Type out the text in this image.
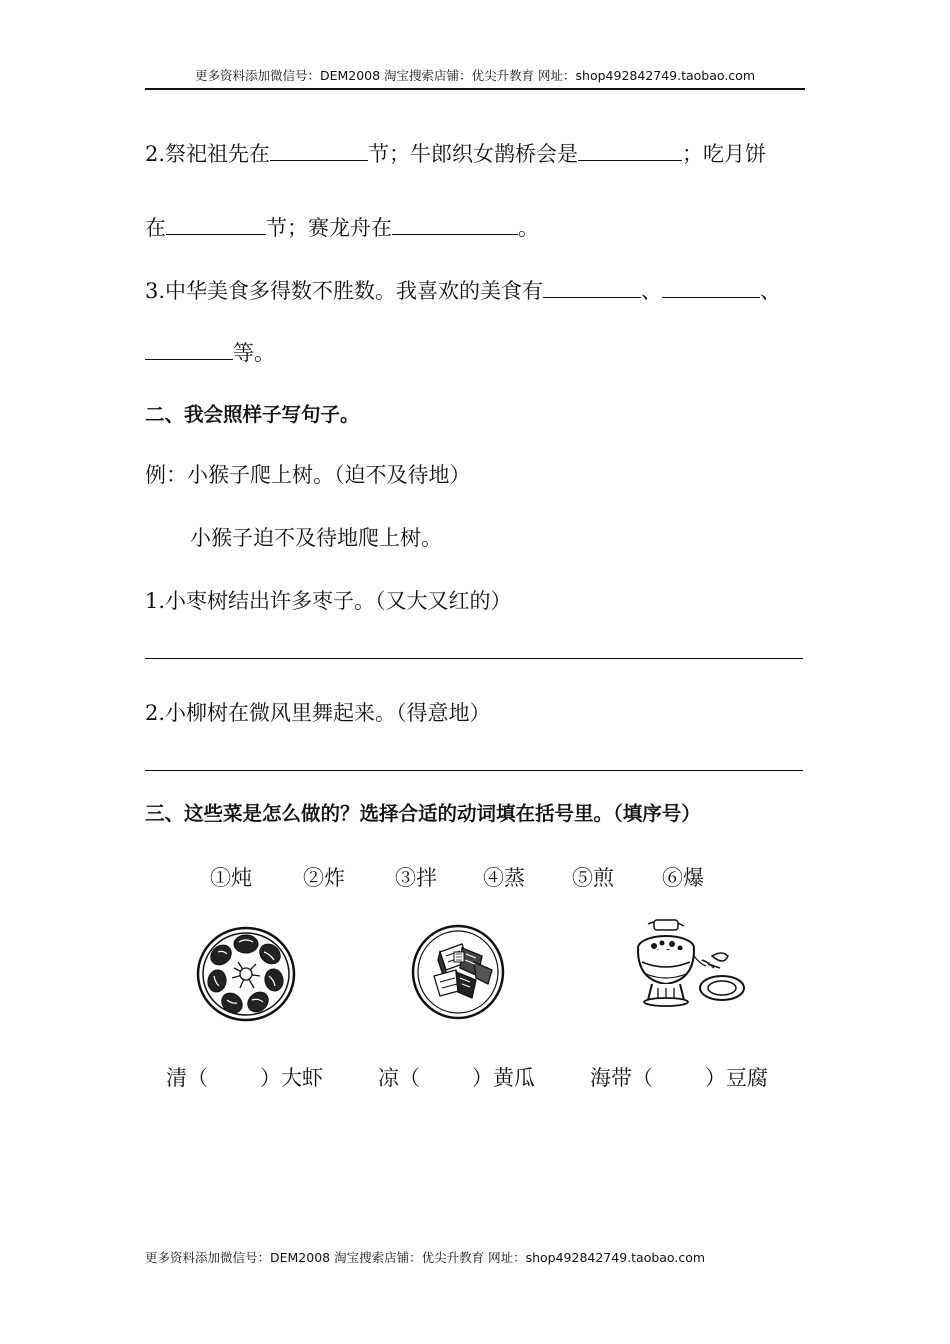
更多资料添加微信号：DEM2008 淘宝搜索店铺：优尖升教育 网址：shop492842749.taobao.com
2.祭祀祖先在	节；牛郎织女鹊桥会是	；吃月饼
在	节；赛龙舟在	。
3.中华美食多得数不胜数。我喜欢的美食有	、	、
等。
二、我会照样子写句子。
例：小猴子爬上树。（迫不及待地）
小猴子迫不及待地爬上树。
1.小枣树结出许多枣子。（又大又红的）
2.小柳树在微风里舞起来。（得意地）
三、这些菜是怎么做的？选择合适的动词填在括号里。（填序号）
①炖 ②炸 ③拌 ④蒸 ⑤煎 ⑥爆
清（ ）大虾	凉（ ）黄瓜	海带（ ）豆腐
更多资料添加微信号：DEM2008 淘宝搜索店铺：优尖升教育 网址：shop492842749.taobao.com
